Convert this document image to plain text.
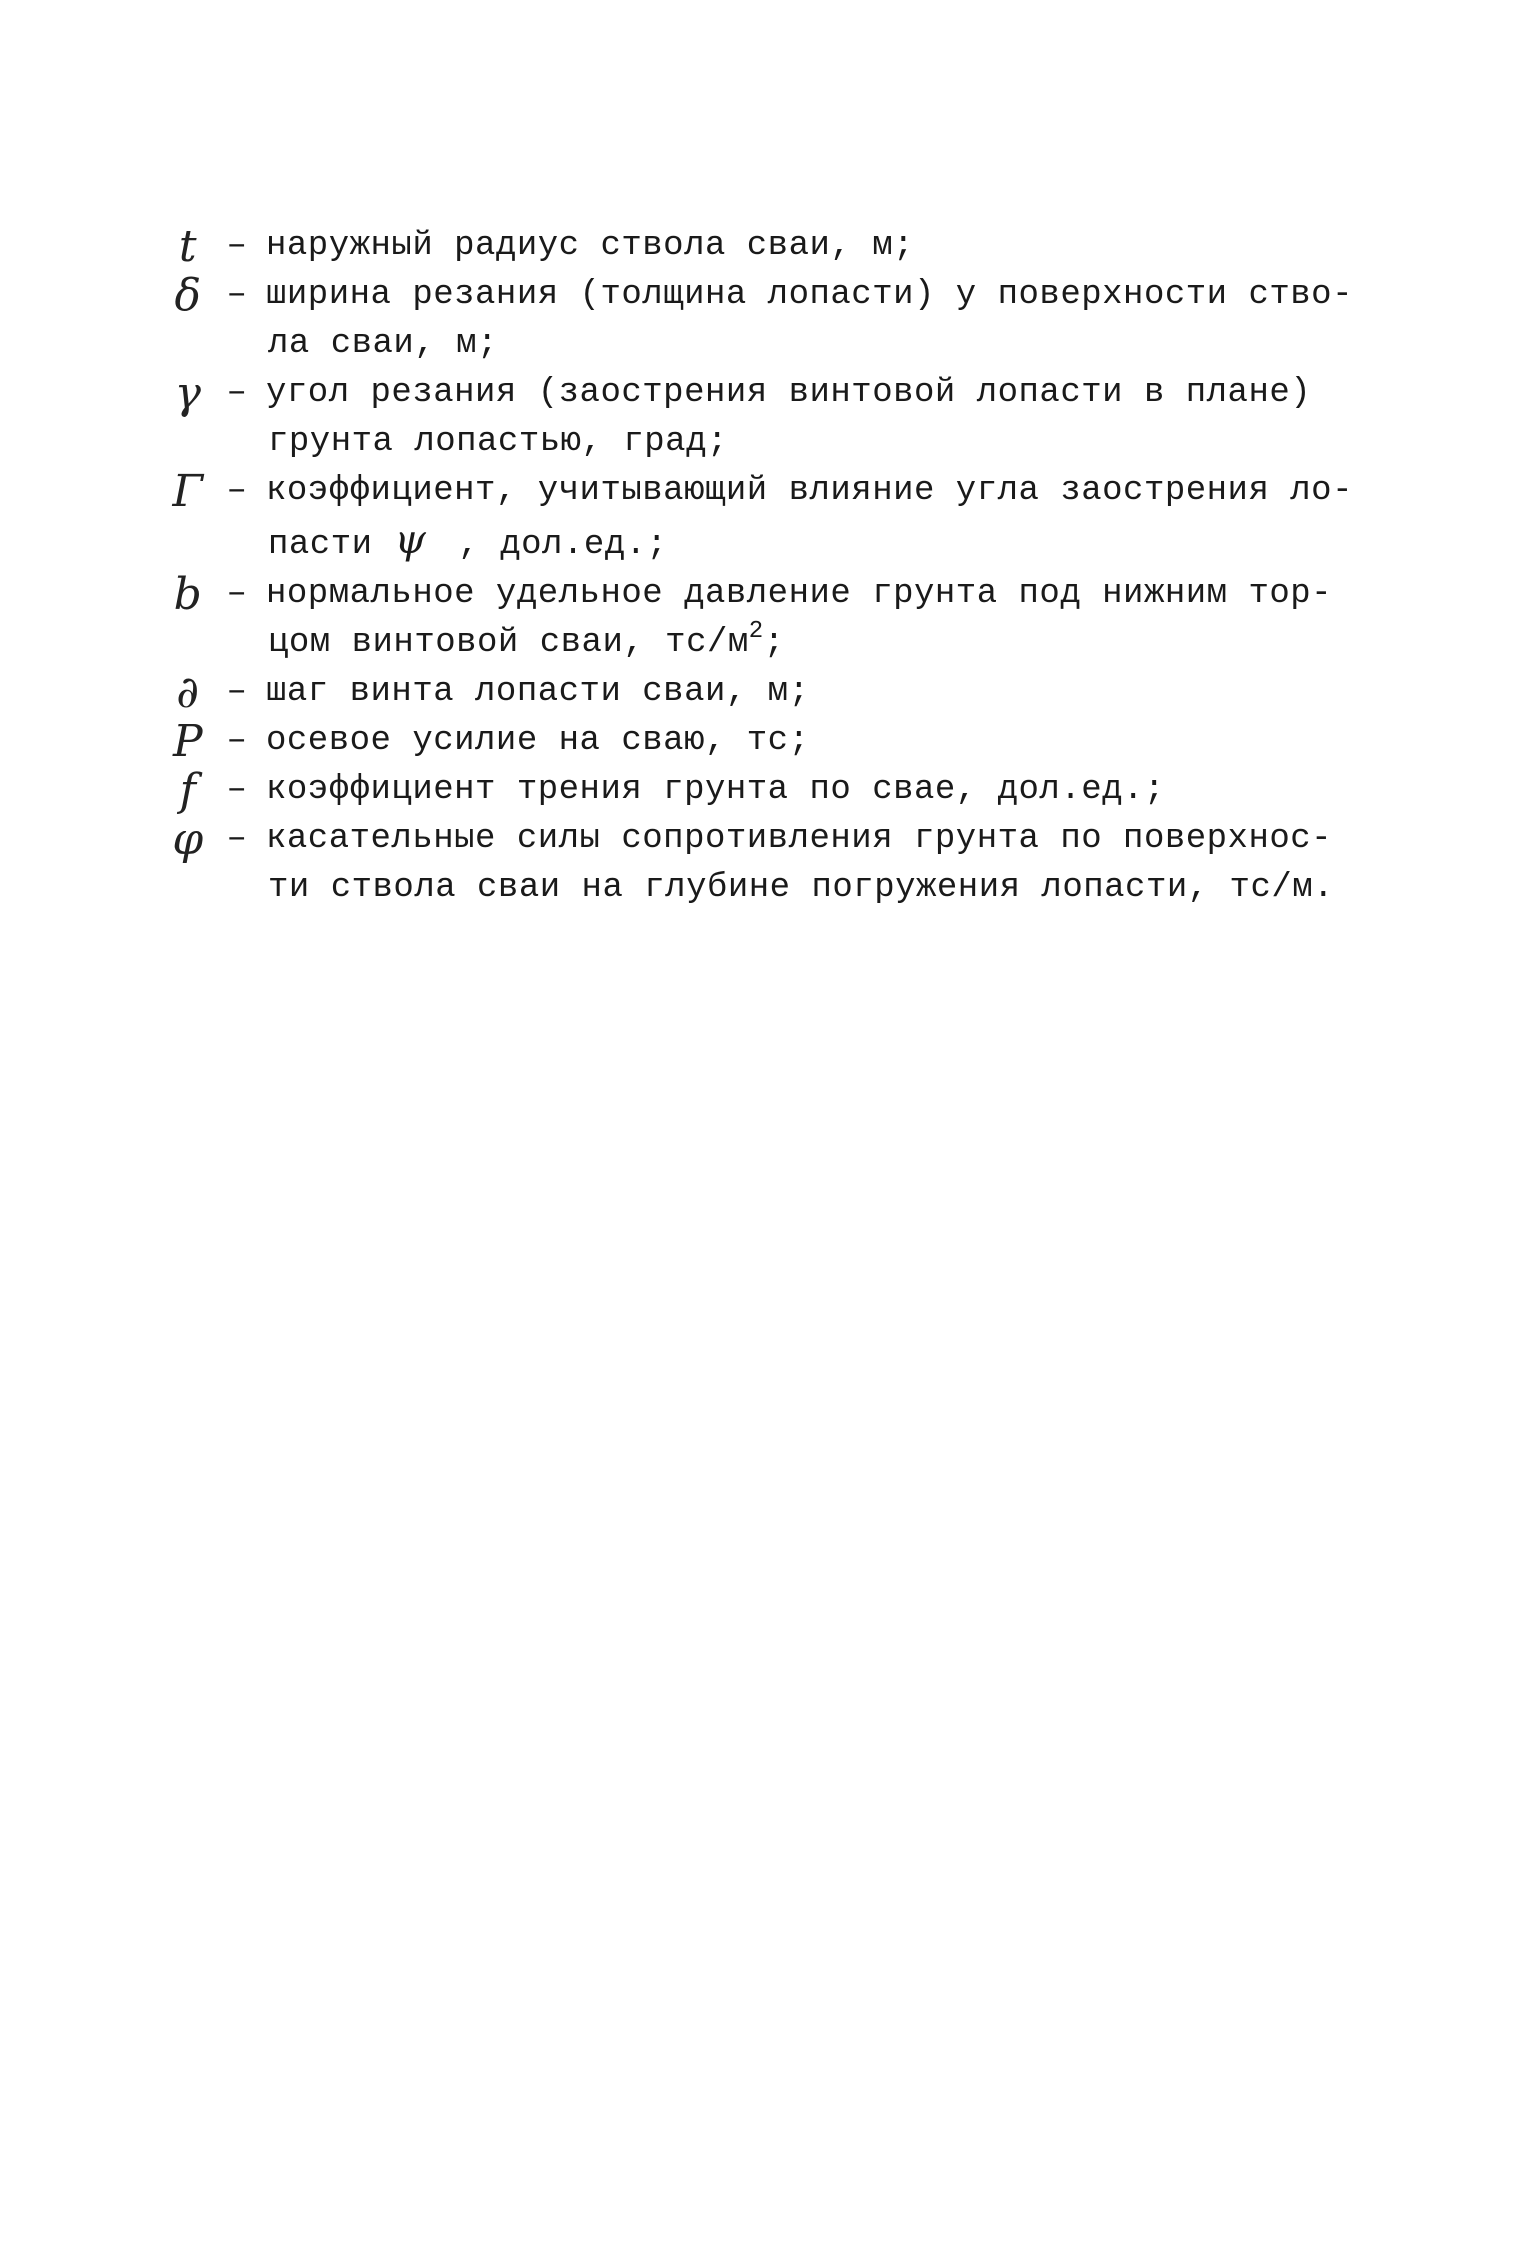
t – наружный радиус ствола сваи, м;
δ – ширина резания (толщина лопасти) у поверхности ство-
ла сваи, м;
γ – угол резания (заострения винтовой лопасти в плане)
грунта лопастью, град;
Γ – коэффициент, учитывающий влияние угла заострения ло-
пасти ψ , дол.ед.;
b – нормальное удельное давление грунта под нижним тор-
цом винтовой сваи, $тс/м^2$;
∂ – шаг винта лопасти сваи, м;
P – осевое усилие на сваю, тс;
f – коэффициент трения грунта по свае, дол.ед.;
φ – касательные силы сопротивления грунта по поверхнос-
ти ствола сваи на глубине погружения лопасти, тс/м.
